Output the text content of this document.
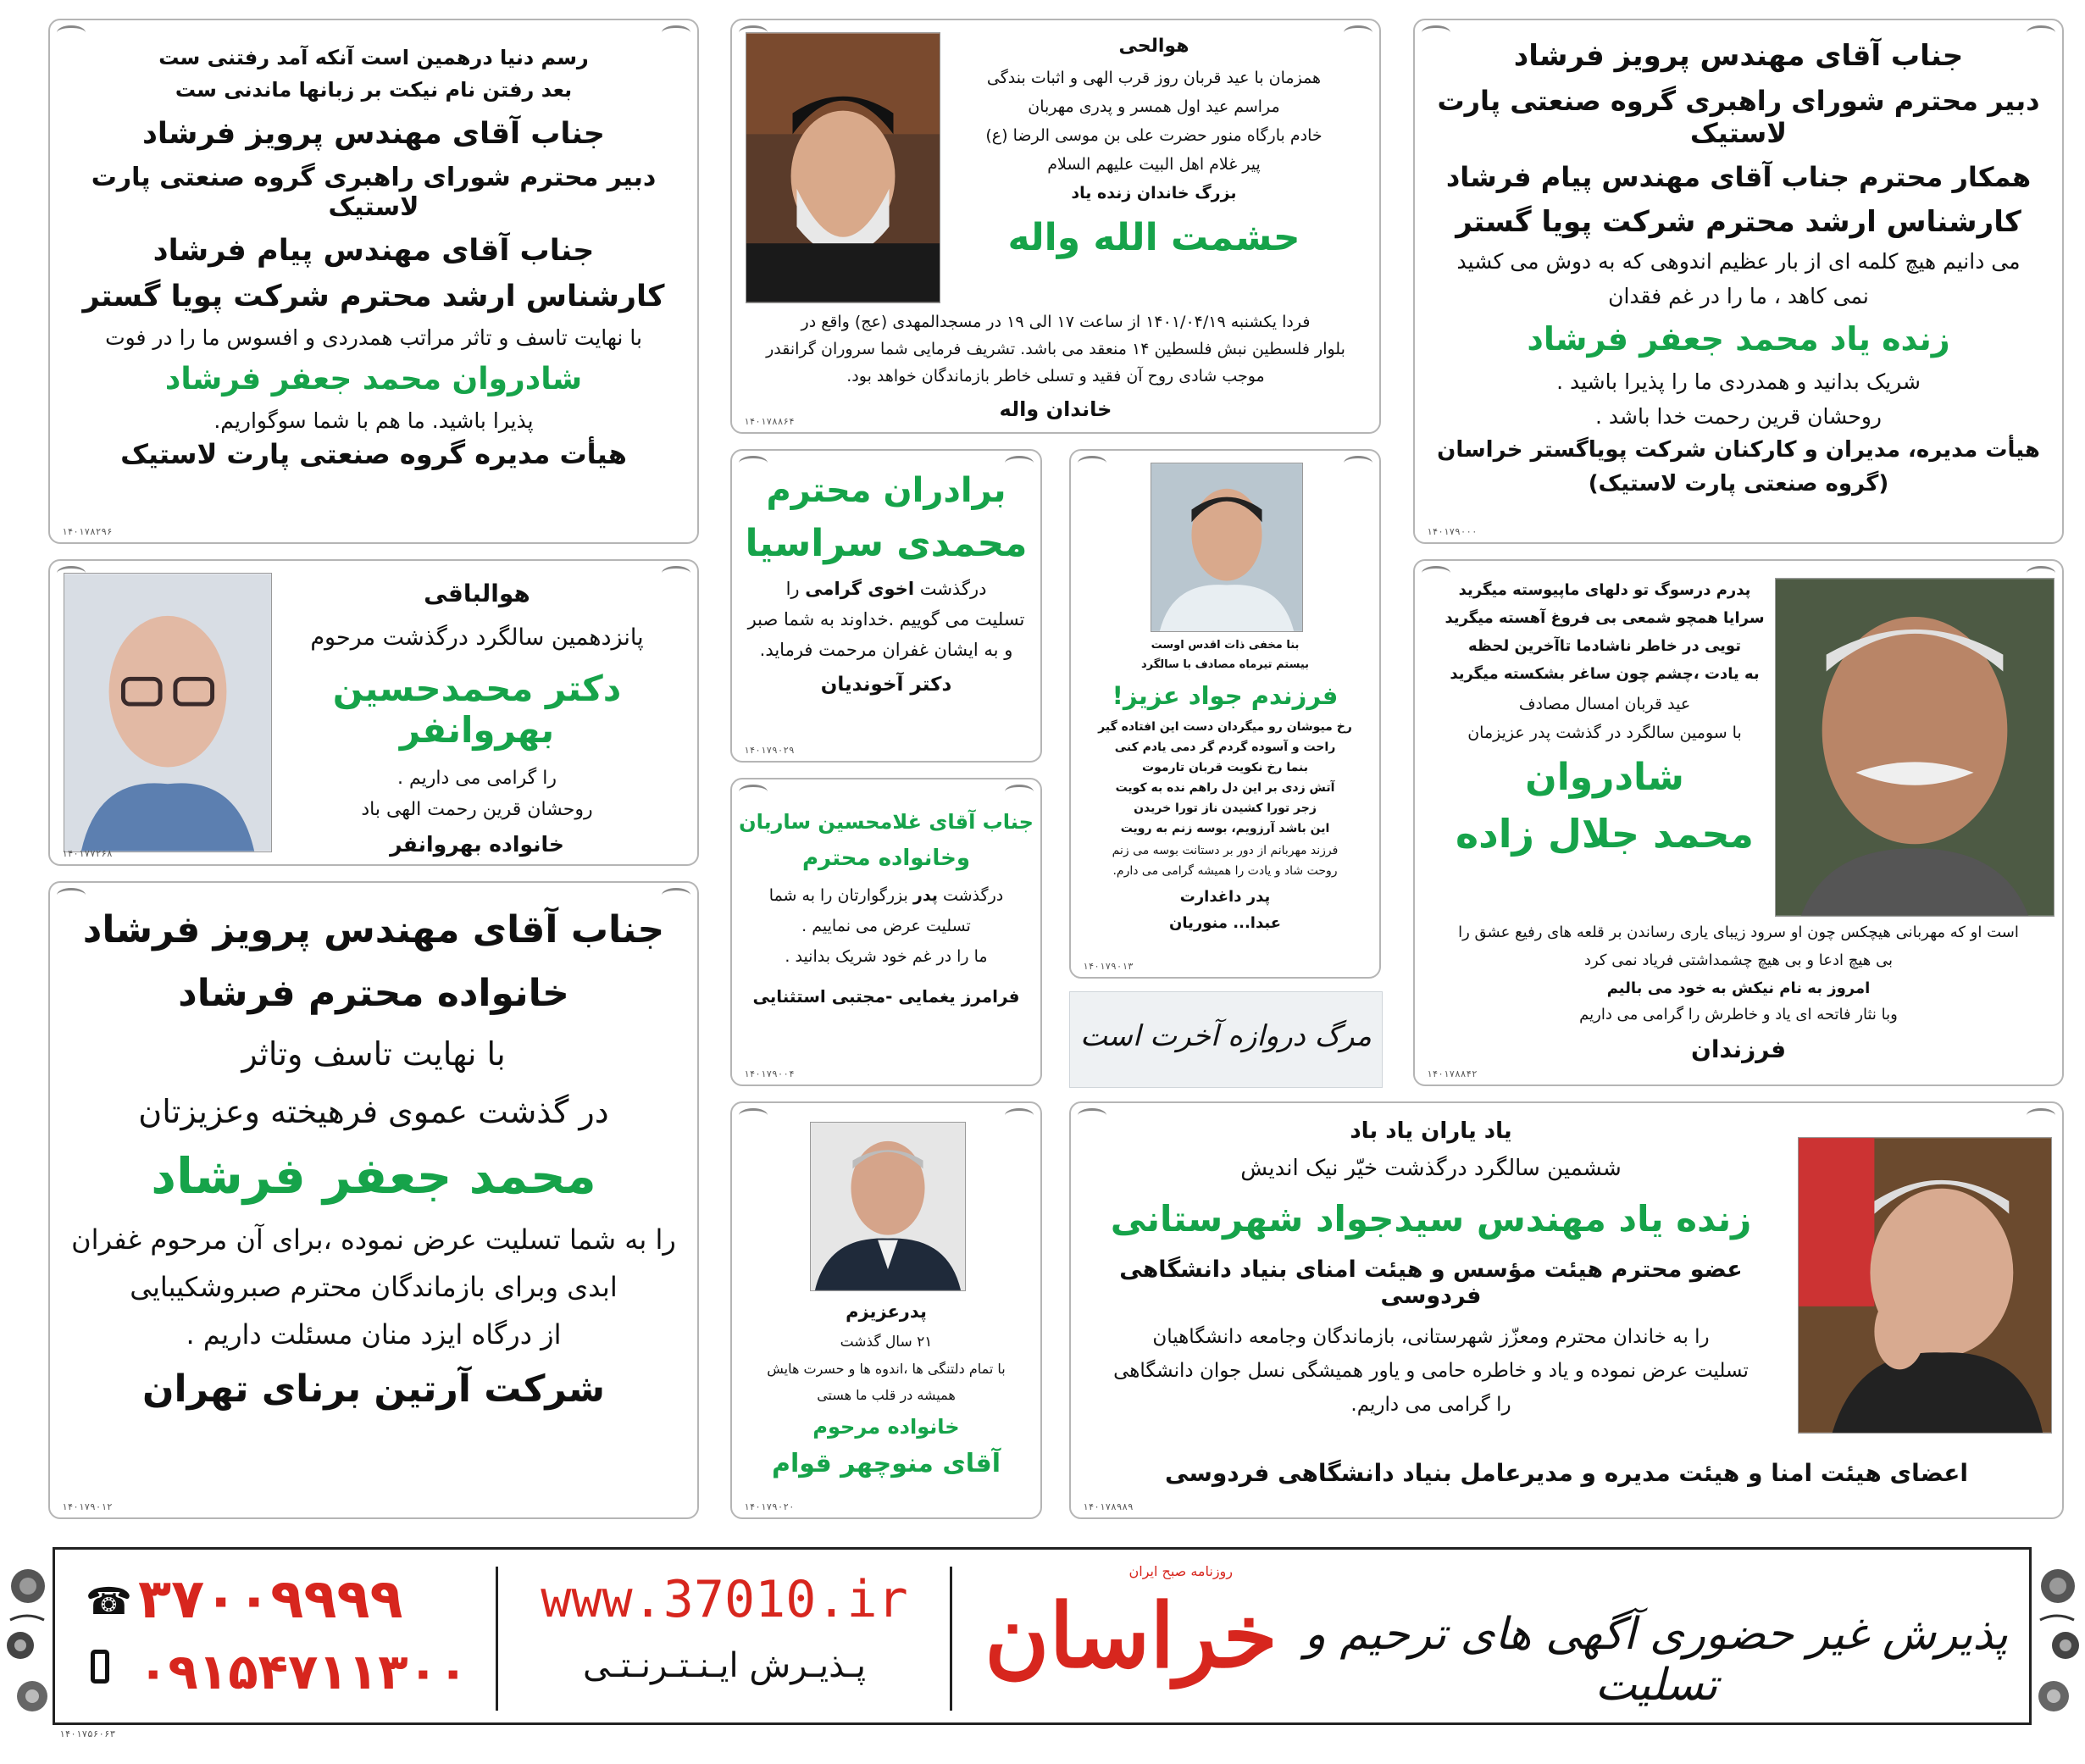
رسم دنیا درهمین است آنکه آمد رفتنی ست
بعد رفتن نام نیکت بر زبانها ماندنی ست
جناب آقای مهندس پرویز فرشاد
دبیر محترم شورای راهبری گروه صنعتی پارت لاستیک
جناب آقای مهندس پیام فرشاد
کارشناس ارشد محترم شرکت پویا گستر
با نهایت تاسف و تاثر مراتب همدردی و افسوس ما را در فوت
شادروان محمد جعفر فرشاد
پذیرا باشید. ما هم با شما سوگواریم.
هیأت مدیره گروه صنعتی پارت لاستیک
۱۴۰۱۷۸۲۹۶
هوالحی
همزمان با عید قربان روز قرب الهی و اثبات بندگی
مراسم عید اول همسر و پدری مهربان
خادم بارگاه منور حضرت علی بن موسی الرضا (ع)
پیر غلام اهل البیت علیهم السلام
بزرگ خاندان زنده یاد
حشمت الله واله
فردا یکشنبه ۱۴۰۱/۰۴/۱۹ از ساعت ۱۷ الی ۱۹ در مسجدالمهدی (عج) واقع در
بلوار فلسطین نبش فلسطین ۱۴ منعقد می باشد. تشریف فرمایی شما سروران گرانقدر
موجب شادی روح آن فقید و تسلی خاطر بازماندگان خواهد بود.
خاندان واله
۱۴۰۱۷۸۸۶۴
جناب آقای مهندس پرویز فرشاد
دبیر محترم شورای راهبری گروه صنعتی پارت لاستیک
همکار محترم جناب آقای مهندس پیام فرشاد
کارشناس ارشد محترم شرکت پویا گستر
می دانیم هیچ کلمه ای از بار عظیم اندوهی که به دوش می کشید
نمی کاهد ، ما را در غم فقدان
زنده یاد محمد جعفر فرشاد
شریک بدانید و همدردی ما را پذیرا باشید .
روحشان قرین رحمت خدا باشد .
هیأت مدیره، مدیران و کارکنان شرکت پویاگستر خراسان
(گروه صنعتی پارت لاستیک)
۱۴۰۱۷۹۰۰۰
هوالباقی
پانزدهمین سالگرد درگذشت مرحوم
دکتر محمدحسین بهروانفر
را گرامی می داریم .
روحشان قرین رحمت الهی باد
خانواده بهروانفر
۱۴۰۱۷۷۲۶۸
برادران محترم
محمدی سراسیا
درگذشت اخوی گرامی را
تسلیت می گوییم .خداوند به شما صبر
و به ایشان غفران مرحمت فرماید.
دکتر آخوندیان
۱۴۰۱۷۹۰۲۹
بنا مخفی ذات اقدس اوست
بیستم تیرماه مصادف با سالگرد
فرزندم جواد عزیز!
رخ میوشان رو میگردان دست این افتاده گیر
راحت و آسوده گردم گر دمی یادم کنی
بنما رخ نکویت قربان تارموت
آتش زدی بر این دل راهم نده به کویت
زجر تورا کشیدن ناز تورا خریدن
این باشد آرزویم، بوسه زنم به رویت
فرزند مهربانم از دور بر دستانت بوسه می زنم
روحت شاد و یادت را همیشه گرامی می دارم.
پدر داغدارت
عبدا... منوریان
۱۴۰۱۷۹۰۱۳
پدرم درسوگ تو دلهای ماپیوسته میگرید
سرایا همچو شمعی بی فروغ آهسته میگرید
تویی در خاطر ناشادما تاآخرین لحظه
به یادت ،چشم چون ساغر بشکسته میگرید
عید قربان امسال مصادف
با سومین سالگرد در گذشت پدر عزیزمان
شادروان
محمد جلال زاده
است او که مهربانی هیچکس چون او سرود زیبای یاری رساندن بر قلعه های رفیع عشق را
بی هیچ ادعا و بی هیچ چشمداشتی فریاد نمی کرد
امروز به نام نیکش به خود می بالیم
وبا نثار فاتحه ای یاد و خاطرش را گرامی می داریم
فرزندان
۱۴۰۱۷۸۸۴۲
جناب آقای غلامحسین ساربان
وخانواده محترم
درگذشت پدر بزرگوارتان را به شما
تسلیت عرض می نماییم .
ما را در غم خود شریک بدانید .
فرامرز یغمایی -مجتبی استثنایی
۱۴۰۱۷۹۰۰۴
مرگ دروازه آخرت است
جناب آقای مهندس پرویز فرشاد
خانواده محترم فرشاد
با نهایت تاسف وتاثر
در گذشت عموی فرهیخته وعزیزتان
محمد جعفر فرشاد
را به شما تسلیت عرض نموده ،برای آن مرحوم غفران
ابدی وبرای بازماندگان محترم صبروشکیبایی
از درگاه ایزد منان مسئلت داریم .
شرکت آرتین برنای تهران
۱۴۰۱۷۹۰۱۲
پدرعزیزم
۲۱ سال گذشت
با تمام دلتنگی ها ،اندوه ها و حسرت هایش
همیشه در قلب ما هستی
خانواده مرحوم
آقای منوچهر قوام
۱۴۰۱۷۹۰۲۰
یاد یاران یاد باد
ششمین سالگرد درگذشت خیّر نیک اندیش
زنده یاد مهندس سیدجواد شهرستانی
عضو محترم هیئت مؤسس و هیئت امنای بنیاد دانشگاهی فردوسی
را به خاندان محترم ومعزّز شهرستانی، بازماندگان وجامعه دانشگاهیان
تسلیت عرض نموده و یاد و خاطره حامی و یاور همیشگی نسل جوان دانشگاهی
را گرامی می داریم.
اعضای هیئت امنا و هیئت مدیره و مدیرعامل بنیاد دانشگاهی فردوسی
۱۴۰۱۷۸۹۸۹
☎ ۳۷۰۰۹۹۹۹
۰۹۱۵۴۷۱۱۳۰۰
www.37010.ir
پـذیـرش ایـنـتـرنـتـی
روزنامه صبح ایران
خراسان پذیرش غیر حضوری آگهی های ترحیم و تسلیت
۱۴۰۱۷۵۶۰۶۳
